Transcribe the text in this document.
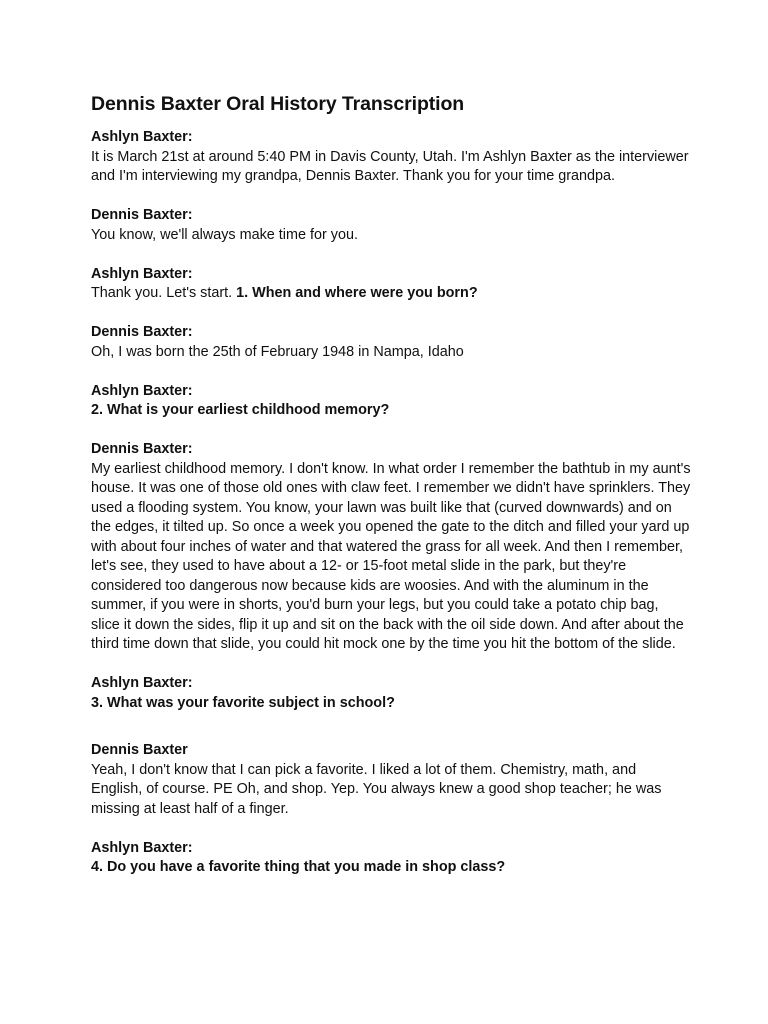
Dennis Baxter Oral History Transcription

Ashlyn Baxter:

It is March 21st at around 5:40 PM in Davis County, Utah. I'm Ashlyn Baxter as the interviewer and I'm interviewing my grandpa, Dennis Baxter. Thank you for your time grandpa.

Dennis Baxter:

You know, we'll always make time for you.

Ashlyn Baxter:

Thank you. Let's start. 1. When and where were you born?

Dennis Baxter:

Oh, I was born the 25th of February 1948 in Nampa, Idaho

Ashlyn Baxter:

2. What is your earliest childhood memory?

Dennis Baxter:

My earliest childhood memory. I don't know. In what order I remember the bathtub in my aunt's house. It was one of those old ones with claw feet. I remember we didn't have sprinklers. They used a flooding system. You know, your lawn was built like that (curved downwards) and on the edges, it tilted up. So once a week you opened the gate to the ditch and filled your yard up with about four inches of water and that watered the grass for all week. And then I remember, let's see, they used to have about a 12- or 15-foot metal slide in the park, but they're considered too dangerous now because kids are woosies. And with the aluminum in the summer, if you were in shorts, you'd burn your legs, but you could take a potato chip bag, slice it down the sides, flip it up and sit on the back with the oil side down. And after about the third time down that slide, you could hit mock one by the time you hit the bottom of the slide.

Ashlyn Baxter:

3. What was your favorite subject in school?

Dennis Baxter

Yeah, I don't know that I can pick a favorite. I liked a lot of them. Chemistry, math, and English, of course. PE Oh, and shop. Yep. You always knew a good shop teacher; he was missing at least half of a finger.

Ashlyn Baxter:

4. Do you have a favorite thing that you made in shop class?
